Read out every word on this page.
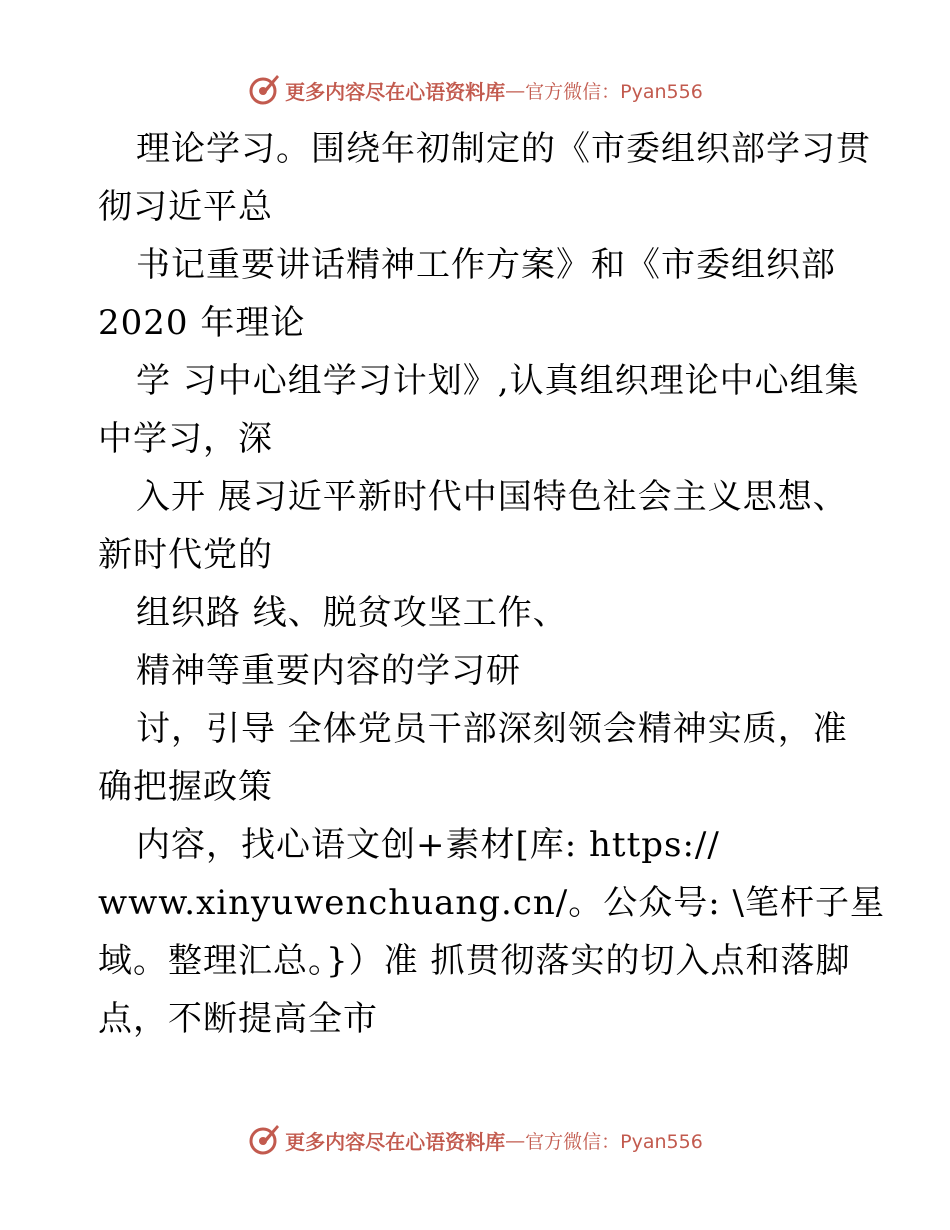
更多内容尽在心语资料库 — 官方微信：Pyan556
理论学习。围绕年初制定的《市委组织部学习贯
彻习近平总
书记重要讲话精神工作方案》和《市委组织部
2020 年理论
学 习中心组学习计划》,认真组织理论中心组集
中学习，深
入开 展习近平新时代中国特色社会主义思想、
新时代党的
组织路 线、脱贫攻坚工作、
精神等重要内容的学习研
讨，引导 全体党员干部深刻领会精神实质，准
确把握政策
内容，找心语文创+素材[库: https://
www.xinyuwenchuang.cn/。公众号: \笔杆子星
域。整理汇总。}）准 抓贯彻落实的切入点和落脚
点，不断提高全市
更多内容尽在心语资料库 — 官方微信：Pyan556
